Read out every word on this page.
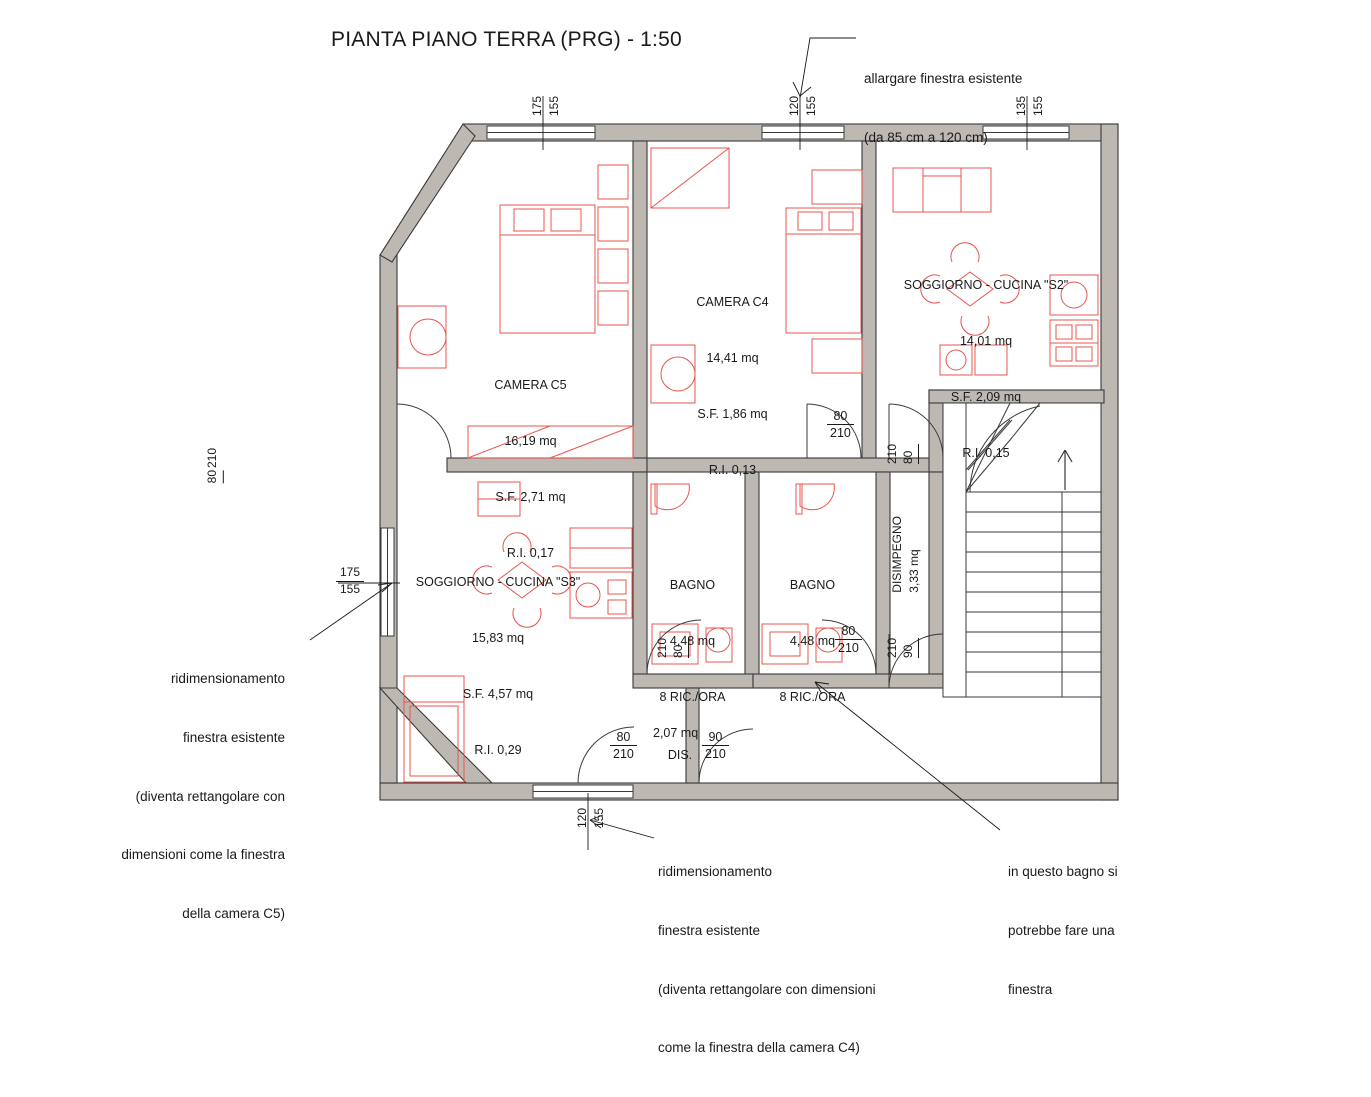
PIANTA PIANO TERRA (PRG) - 1:50

allargare finestra esistente

(da 85 cm a 120 cm)

ridimensionamento

finestra esistente

(diventa rettangolare con

dimensioni come la finestra

della camera C5)

ridimensionamento

finestra esistente

(diventa rettangolare con dimensioni

come la finestra della camera C4)

in questo bagno si

potrebbe fare una

finestra

CAMERA C5

16,19 mq

S.F. 2,71 mq

R.I. 0,17

CAMERA C4

14,41 mq

S.F. 1,86 mq

R.I. 0,13

SOGGIORNO - CUCINA "S2"

14,01 mq

S.F. 2,09 mq

R.I. 0,15

SOGGIORNO - CUCINA "S3"

15,83 mq

S.F. 4,57 mq

R.I. 0,29

BAGNO

4,48 mq

8 RIC./ORA

BAGNO

4,48 mq

8 RIC./ORA

DISIMPEGNO 3,33 mq

DIS.

2,07 mq
175 155	120 155	135 155
175
155
120 155
210
80
80
210
210 80
210 80
80
210 210 90
80
210
90
210
